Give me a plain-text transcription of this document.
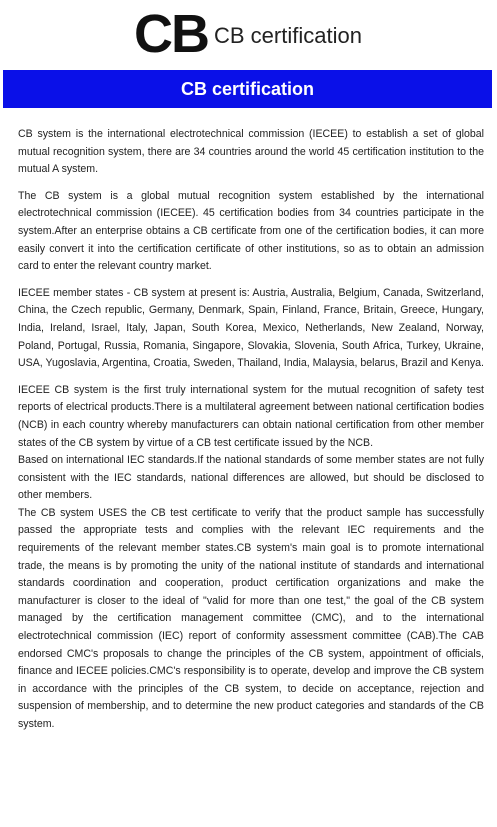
CB CB certification
CB certification

CB system is the international electrotechnical commission (IECEE) to establish a set of global mutual recognition system, there are 34 countries around the world 45 certification institution to the mutual A system.

The CB system is a global mutual recognition system established by the international electrotechnical commission (IECEE). 45 certification bodies from 34 countries participate in the system.After an enterprise obtains a CB certificate from one of the certification bodies, it can more easily convert it into the certification certificate of other institutions, so as to obtain an admission card to enter the relevant country market.

IECEE member states - CB system at present is: Austria, Australia, Belgium, Canada, Switzerland, China, the Czech republic, Germany, Denmark, Spain, Finland, France, Britain, Greece, Hungary, India, Ireland, Israel, Italy, Japan, South Korea, Mexico, Netherlands, New Zealand, Norway, Poland, Portugal, Russia, Romania, Singapore, Slovakia, Slovenia, South Africa, Turkey, Ukraine, USA, Yugoslavia, Argentina, Croatia, Sweden, Thailand, India, Malaysia, belarus, Brazil and Kenya.

IECEE CB system is the first truly international system for the mutual recognition of safety test reports of electrical products.There is a multilateral agreement between national certification bodies (NCB) in each country whereby manufacturers can obtain national certification from other member states of the CB system by virtue of a CB test certificate issued by the NCB.

Based on international IEC standards.If the national standards of some member states are not fully consistent with the IEC standards, national differences are allowed, but should be disclosed to other members.

The CB system USES the CB test certificate to verify that the product sample has successfully passed the appropriate tests and complies with the relevant IEC requirements and the requirements of the relevant member states.CB system's main goal is to promote international trade, the means is by promoting the unity of the national institute of standards and international standards coordination and cooperation, product certification organizations and make the manufacturer is closer to the ideal of "valid for more than one test," the goal of the CB system managed by the certification management committee (CMC), and to the international electrotechnical commission (IEC) report of conformity assessment committee (CAB).The CAB endorsed CMC's proposals to change the principles of the CB system, appointment of officials, finance and IECEE policies.CMC's responsibility is to operate, develop and improve the CB system in accordance with the principles of the CB system, to decide on acceptance, rejection and suspension of membership, and to determine the new product categories and standards of the CB system.
